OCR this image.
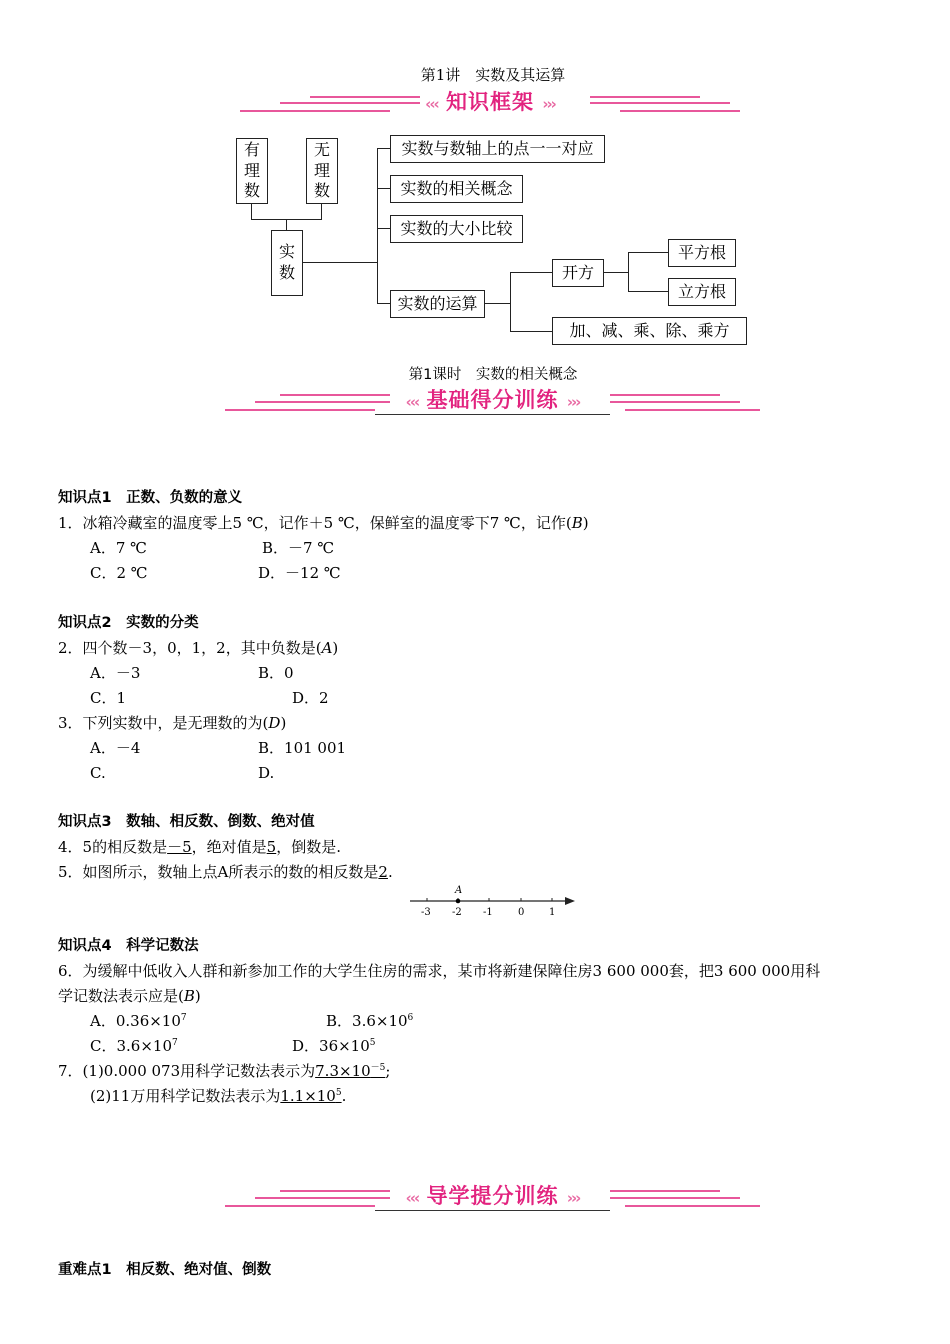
第1讲　实数及其运算
‹‹‹ 知识框架 ›››
有
理
数
无
理
数
实
数
实数与数轴上的点一一对应
实数的相关概念
实数的大小比较
实数的运算
开方
平方根
立方根
加、减、乘、除、乘方
第1课时　实数的相关概念
‹‹‹ 基础得分训练 ›››
知识点1　正数、负数的意义
1．冰箱冷藏室的温度零上5 ℃，记作＋5 ℃，保鲜室的温度零下7 ℃，记作(B)
A．7 ℃	B．－7 ℃
C．2 ℃	D．－12 ℃
知识点2　实数的分类
2．四个数－3，0，1，2，其中负数是(A)
A．－3	B．0
C．1	D．2
3．下列实数中，是无理数的为(D)
A．－4	B．101 001
C.	D.
知识点3　数轴、相反数、倒数、绝对值
4．5的相反数是－5，绝对值是5，倒数是.
5．如图所示，数轴上点A所表示的数的相反数是2.
A
-3 -2 -1	0 1
知识点4　科学记数法
6．为缓解中低收入人群和新参加工作的大学生住房的需求，某市将新建保障住房3 600 000套，把3 600 000用科
学记数法表示应是(B)
A．$0.36\times 10^7$	B．$3.6\times 10^6$
C．$3.6\times 10^7$	D．$36\times 10^5$
7．(1)0.000 073用科学记数法表示为$7.3\times 10^{-5}$;
(2)11万用科学记数法表示为$1.1\times 10^5$.
‹‹‹ 导学提分训练 ›››
重难点1　相反数、绝对值、倒数
